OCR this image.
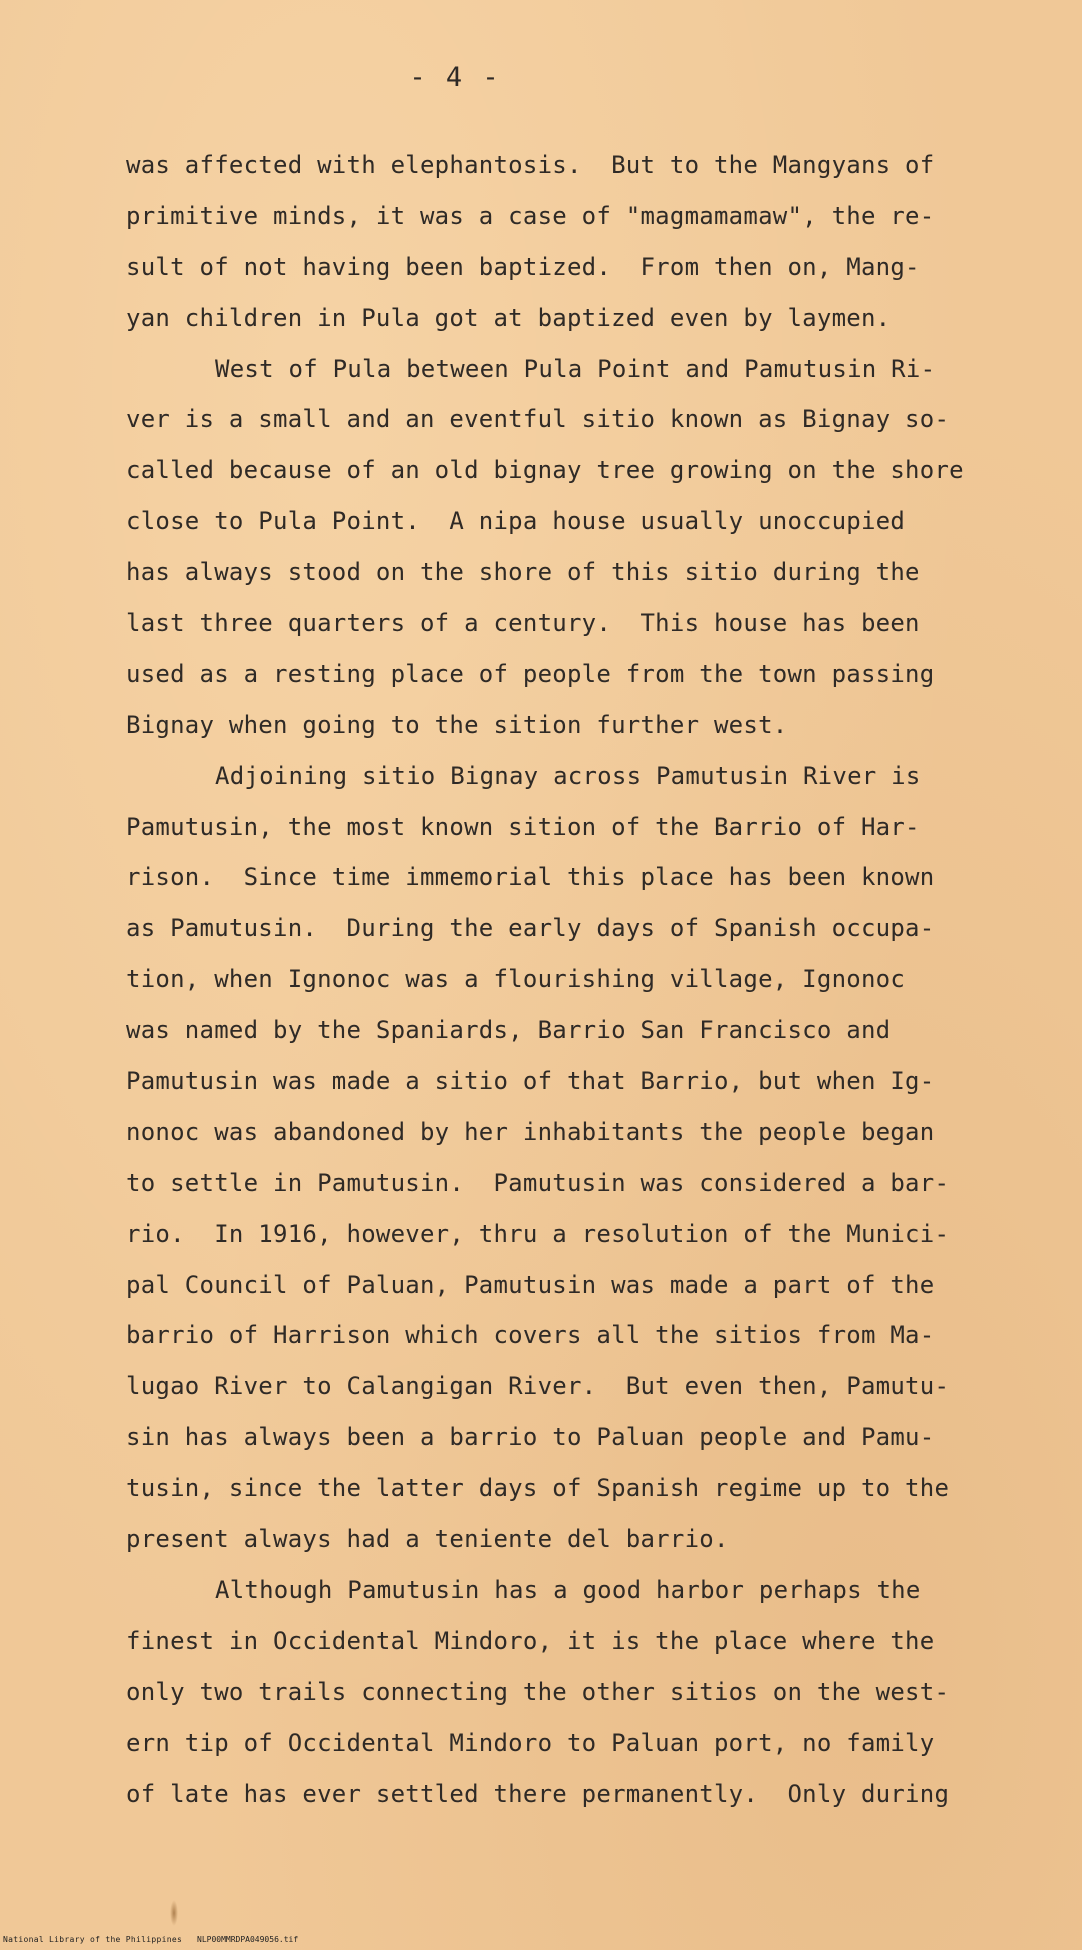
- 4 -
was affected with elephantosis.  But to the Mangyans of
primitive minds, it was a case of "magmamamaw", the re-
sult of not having been baptized.  From then on, Mang-
yan children in Pula got at baptized even by laymen.
West of Pula between Pula Point and Pamutusin Ri-
ver is a small and an eventful sitio known as Bignay so-
called because of an old bignay tree growing on the shore
close to Pula Point.  A nipa house usually unoccupied
has always stood on the shore of this sitio during the
last three quarters of a century.  This house has been
used as a resting place of people from the town passing
Bignay when going to the sition further west.
Adjoining sitio Bignay across Pamutusin River is
Pamutusin, the most known sition of the Barrio of Har-
rison.  Since time immemorial this place has been known
as Pamutusin.  During the early days of Spanish occupa-
tion, when Ignonoc was a flourishing village, Ignonoc
was named by the Spaniards, Barrio San Francisco and
Pamutusin was made a sitio of that Barrio, but when Ig-
nonoc was abandoned by her inhabitants the people began
to settle in Pamutusin.  Pamutusin was considered a bar-
rio.  In 1916, however, thru a resolution of the Munici-
pal Council of Paluan, Pamutusin was made a part of the
barrio of Harrison which covers all the sitios from Ma-
lugao River to Calangigan River.  But even then, Pamutu-
sin has always been a barrio to Paluan people and Pamu-
tusin, since the latter days of Spanish regime up to the
present always had a teniente del barrio.
Although Pamutusin has a good harbor perhaps the
finest in Occidental Mindoro, it is the place where the
only two trails connecting the other sitios on the west-
ern tip of Occidental Mindoro to Paluan port, no family
of late has ever settled there permanently.  Only during
National Library of the Philippines NLP00MMRDPA049056.tif
